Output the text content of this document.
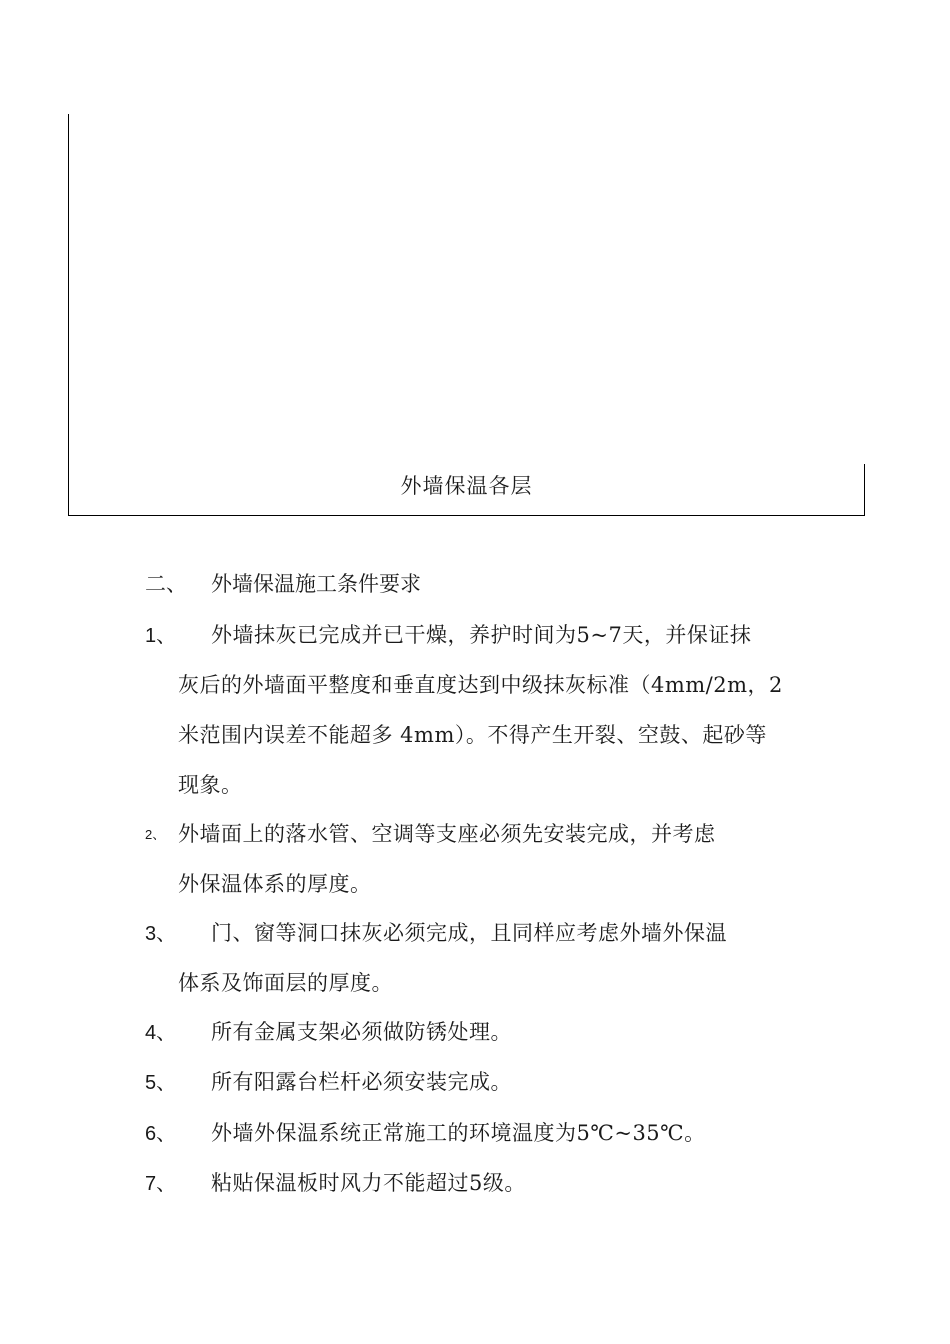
外墙保温各层
二、 外墙保温施工条件要求
1、	外墙抹灰已完成并已干燥，养护时间为5~7天，并保证抹
灰后的外墙面平整度和垂直度达到中级抹灰标准（4mm/2m，2
米范围内误差不能超多 4mm）。不得产生开裂、空鼓、起砂等
现象。
2、 外墙面上的落水管、空调等支座必须先安装完成，并考虑
外保温体系的厚度。
3、	门、窗等洞口抹灰必须完成，且同样应考虑外墙外保温
体系及饰面层的厚度。
4、	所有金属支架必须做防锈处理。
5、	所有阳露台栏杆必须安装完成。
6、	外墙外保温系统正常施工的环境温度为5℃~35℃。
7、	粘贴保温板时风力不能超过5级。
